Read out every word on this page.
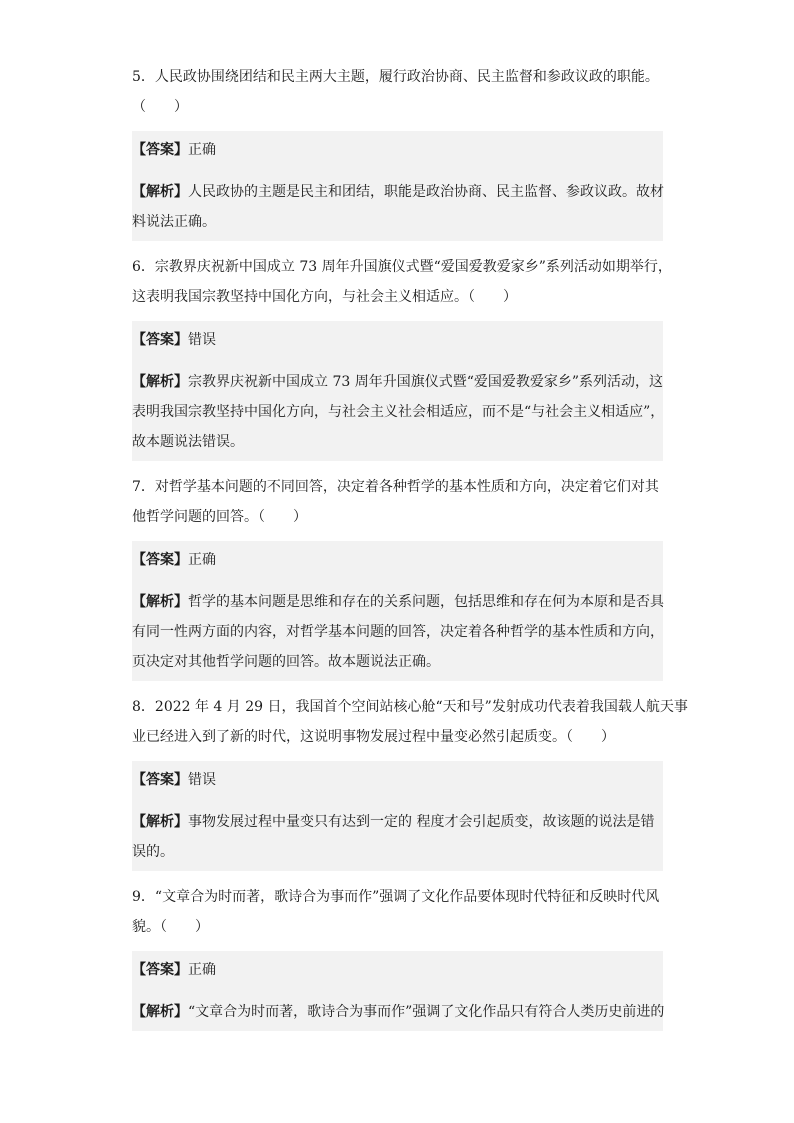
5．人民政协围绕团结和民主两大主题，履行政治协商、民主监督和参政议政的职能。
（　　）
【答案】正确
【解析】人民政协的主题是民主和团结，职能是政治协商、民主监督、参政议政。故材
料说法正确。
6．宗教界庆祝新中国成立 73 周年升国旗仪式暨“爱国爱教爱家乡”系列活动如期举行，
这表明我国宗教坚持中国化方向，与社会主义相适应。（　　）
【答案】错误
【解析】宗教界庆祝新中国成立 73 周年升国旗仪式暨“爱国爱教爱家乡”系列活动，这
表明我国宗教坚持中国化方向，与社会主义社会相适应，而不是“与社会主义相适应”，
故本题说法错误。
7．对哲学基本问题的不同回答，决定着各种哲学的基本性质和方向，决定着它们对其
他哲学问题的回答。（　　）
【答案】正确
【解析】哲学的基本问题是思维和存在的关系问题，包括思维和存在何为本原和是否具
有同一性两方面的内容，对哲学基本问题的回答，决定着各种哲学的基本性质和方向，
页决定对其他哲学问题的回答。故本题说法正确。
8．2022 年 4 月 29 日，我国首个空间站核心舱“天和号”发射成功代表着我国载人航天事
业已经进入到了新的时代，这说明事物发展过程中量变必然引起质变。（　　）
【答案】错误
【解析】事物发展过程中量变只有达到一定的 程度才会引起质变，故该题的说法是错
误的。
9．“文章合为时而著，歌诗合为事而作”强调了文化作品要体现时代特征和反映时代风
貌。（　　）
【答案】正确
【解析】“文章合为时而著，歌诗合为事而作”强调了文化作品只有符合人类历史前进的
